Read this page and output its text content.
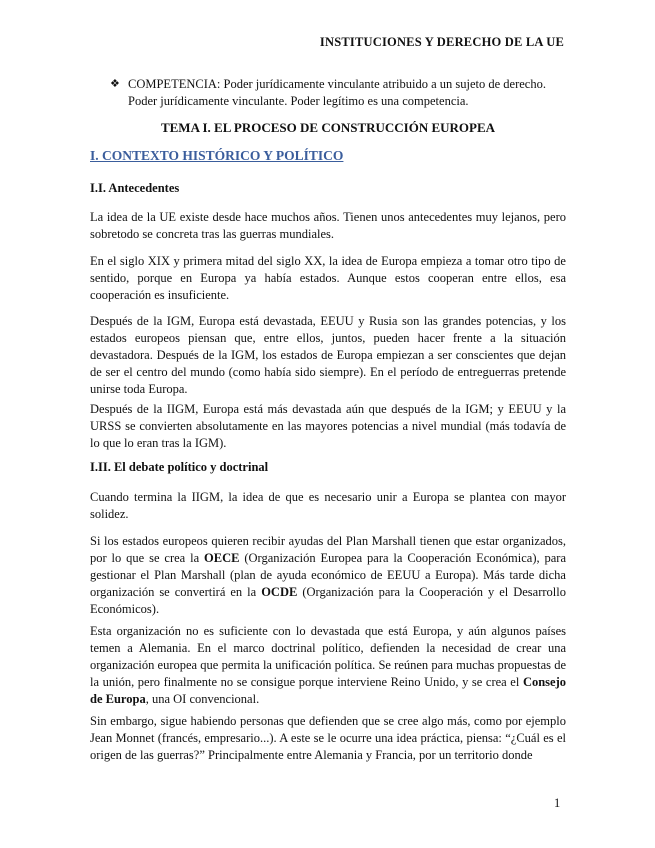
INSTITUCIONES Y DERECHO DE LA UE
❖ COMPETENCIA: Poder jurídicamente vinculante atribuido a un sujeto de derecho. Poder jurídicamente vinculante. Poder legítimo es una competencia.
TEMA I. EL PROCESO DE CONSTRUCCIÓN EUROPEA
I. CONTEXTO HISTÓRICO Y POLÍTICO
I.I. Antecedentes

La idea de la UE existe desde hace muchos años. Tienen unos antecedentes muy lejanos, pero sobretodo se concreta tras las guerras mundiales.

En el siglo XIX y primera mitad del siglo XX, la idea de Europa empieza a tomar otro tipo de sentido, porque en Europa ya había estados. Aunque estos cooperan entre ellos, esa cooperación es insuficiente.

Después de la IGM, Europa está devastada, EEUU y Rusia son las grandes potencias, y los estados europeos piensan que, entre ellos, juntos, pueden hacer frente a la situación devastadora. Después de la IGM, los estados de Europa empiezan a ser conscientes que dejan de ser el centro del mundo (como había sido siempre). En el período de entreguerras pretende unirse toda Europa.

Después de la IIGM, Europa está más devastada aún que después de la IGM; y EEUU y la URSS se convierten absolutamente en las mayores potencias a nivel mundial (más todavía de lo que lo eran tras la IGM).

I.II. El debate político y doctrinal

Cuando termina la IIGM, la idea de que es necesario unir a Europa se plantea con mayor solidez.

Si los estados europeos quieren recibir ayudas del Plan Marshall tienen que estar organizados, por lo que se crea la OECE (Organización Europea para la Cooperación Económica), para gestionar el Plan Marshall (plan de ayuda económico de EEUU a Europa). Más tarde dicha organización se convertirá en la OCDE (Organización para la Cooperación y el Desarrollo Económicos).

Esta organización no es suficiente con lo devastada que está Europa, y aún algunos países temen a Alemania. En el marco doctrinal político, defienden la necesidad de crear una organización europea que permita la unificación política. Se reúnen para muchas propuestas de la unión, pero finalmente no se consigue porque interviene Reino Unido, y se crea el Consejo de Europa, una OI convencional.

Sin embargo, sigue habiendo personas que defienden que se cree algo más, como por ejemplo Jean Monnet (francés, empresario...). A este se le ocurre una idea práctica, piensa: “¿Cuál es el origen de las guerras?” Principalmente entre Alemania y Francia, por un territorio donde

1
